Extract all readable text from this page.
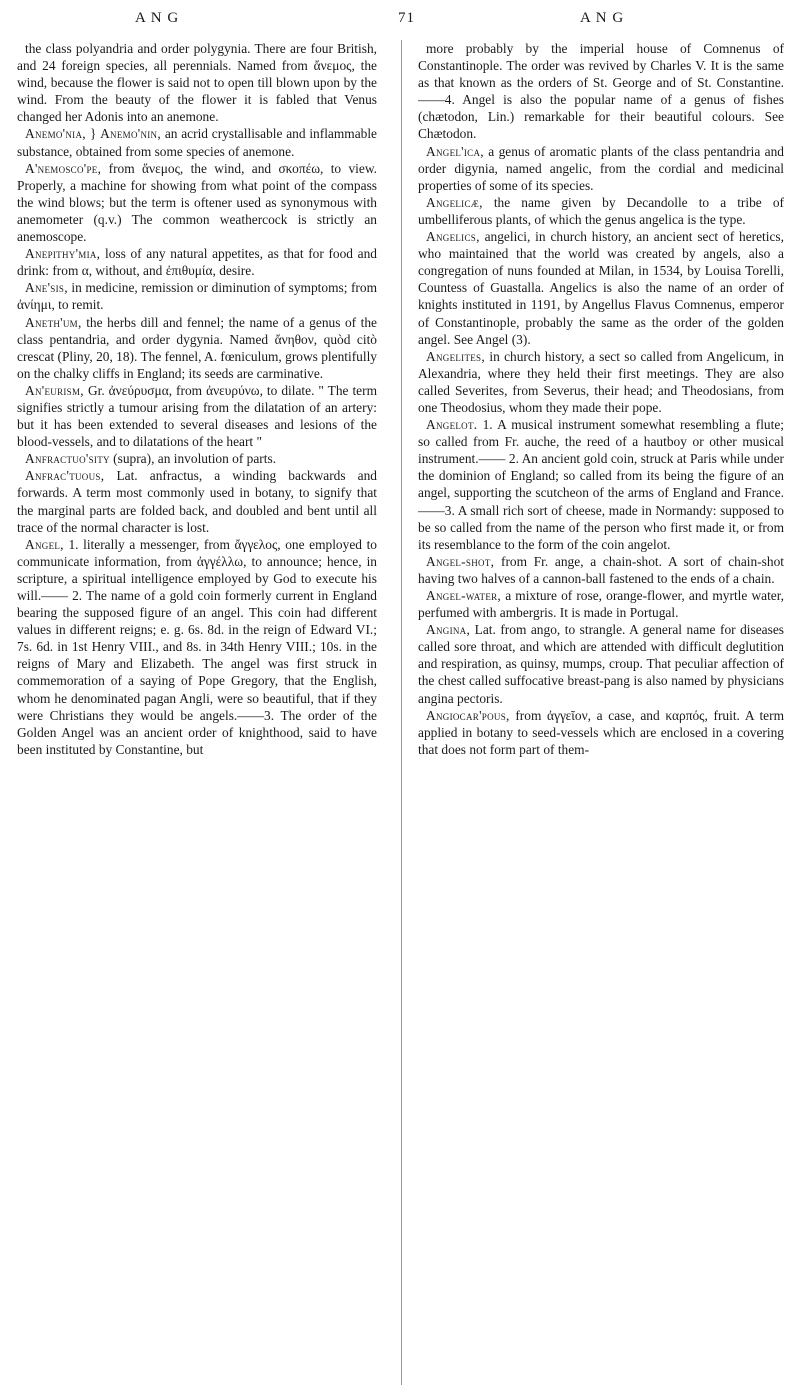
A N G	71	A N G

the class polyandria and order polygynia. There are four British, and 24 foreign species, all perennials. Named from ἄνεμος, the wind, because the flower is said not to open till blown upon by the wind. From the beauty of the flower it is fabled that Venus changed her Adonis into an anemone.

Anemo'nia, } Anemo'nin, an acrid crystallisable and inflammable substance, obtained from some species of anemone.

A'nemosco'pe, from ἄνεμος, the wind, and σκοπέω, to view. Properly, a machine for showing from what point of the compass the wind blows; but the term is oftener used as synonymous with anemometer (q.v.) The common weathercock is strictly an anemoscope.

Anepithy'mia, loss of any natural appetites, as that for food and drink: from α, without, and ἐπιθυμία, desire.

Ane'sis, in medicine, remission or diminution of symptoms; from ἀνίημι, to remit.

Aneth'um, the herbs dill and fennel; the name of a genus of the class pentandria, and order dygynia. Named ἄνηθον, quòd citò crescat (Pliny, 20, 18). The fennel, A. fœniculum, grows plentifully on the chalky cliffs in England; its seeds are carminative.

An'eurism, Gr. ἀνεύρυσμα, from ἀνευρύνω, to dilate. " The term signifies strictly a tumour arising from the dilatation of an artery: but it has been extended to several diseases and lesions of the blood-vessels, and to dilatations of the heart "

Anfractuo'sity (supra), an involution of parts.

Anfrac'tuous, Lat. anfractus, a winding backwards and forwards. A term most commonly used in botany, to signify that the marginal parts are folded back, and doubled and bent until all trace of the normal character is lost.

Angel, 1. literally a messenger, from ἄγγελος, one employed to communicate information, from ἀγγέλλω, to announce; hence, in scripture, a spiritual intelligence employed by God to execute his will.—— 2. The name of a gold coin formerly current in England bearing the supposed figure of an angel. This coin had different values in different reigns; e. g. 6s. 8d. in the reign of Edward VI.; 7s. 6d. in 1st Henry VIII., and 8s. in 34th Henry VIII.; 10s. in the reigns of Mary and Elizabeth. The angel was first struck in commemoration of a saying of Pope Gregory, that the English, whom he denominated pagan Angli, were so beautiful, that if they were Christians they would be angels.——3. The order of the Golden Angel was an ancient order of knighthood, said to have been instituted by Constantine, but

more probably by the imperial house of Comnenus of Constantinople. The order was revived by Charles V. It is the same as that known as the orders of St. George and of St. Constantine.——4. Angel is also the popular name of a genus of fishes (chætodon, Lin.) remarkable for their beautiful colours. See Chætodon.

Angel'ica, a genus of aromatic plants of the class pentandria and order digynia, named angelic, from the cordial and medicinal properties of some of its species.

Angelicæ, the name given by Decandolle to a tribe of umbelliferous plants, of which the genus angelica is the type.

Angelics, angelici, in church history, an ancient sect of heretics, who maintained that the world was created by angels, also a congregation of nuns founded at Milan, in 1534, by Louisa Torelli, Countess of Guastalla. Angelics is also the name of an order of knights instituted in 1191, by Angellus Flavus Comnenus, emperor of Constantinople, probably the same as the order of the golden angel. See Angel (3).

Angelites, in church history, a sect so called from Angelicum, in Alexandria, where they held their first meetings. They are also called Severites, from Severus, their head; and Theodosians, from one Theodosius, whom they made their pope.

Angelot. 1. A musical instrument somewhat resembling a flute; so called from Fr. auche, the reed of a hautboy or other musical instrument.—— 2. An ancient gold coin, struck at Paris while under the dominion of England; so called from its being the figure of an angel, supporting the scutcheon of the arms of England and France.——3. A small rich sort of cheese, made in Normandy: supposed to be so called from the name of the person who first made it, or from its resemblance to the form of the coin angelot.

Angel-shot, from Fr. ange, a chain-shot. A sort of chain-shot having two halves of a cannon-ball fastened to the ends of a chain.

Angel-water, a mixture of rose, orange-flower, and myrtle water, perfumed with ambergris. It is made in Portugal.

Angina, Lat. from ango, to strangle. A general name for diseases called sore throat, and which are attended with difficult deglutition and respiration, as quinsy, mumps, croup. That peculiar affection of the chest called suffocative breast-pang is also named by physicians angina pectoris.

Angiocar'pous, from ἀγγεῖον, a case, and καρπός, fruit. A term applied in botany to seed-vessels which are enclosed in a covering that does not form part of them-
